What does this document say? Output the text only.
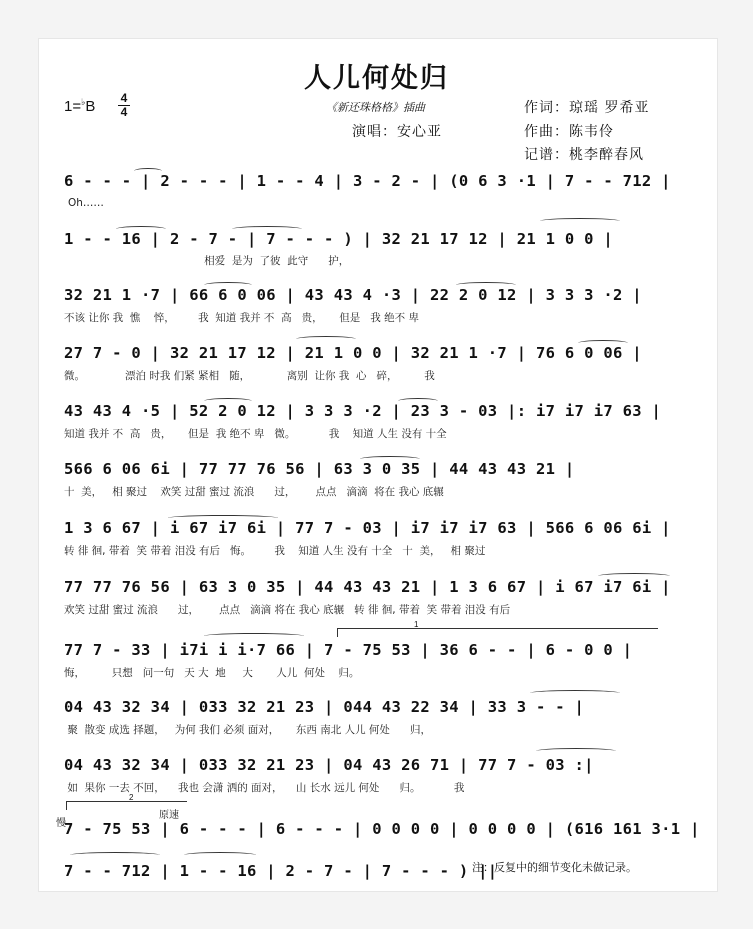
人儿何处归
1=♭B 4
4	《新还珠格格》插曲
演唱：安心亚
作词：琼瑶 罗希亚
作曲：陈韦伶
记谱：桃李醉春风
6 - - - | 2 - - - | 1 - - 4 | 3 - 2 - | (0 6 3 ·1 | 7 - - 712 |
Oh……
1 - - 16 | 2 - 7 - | 7 - - - ) | 32 21 17 12 | 21 1 0 0 |
相爱  是为  了彼  此守      护，
32 21 1 ·7 | 66 6 0 06 | 43 43 4 ·3 | 22 2 0 12 | 3 3 3 ·2 |
不该 让你 我  憔    悴，       我  知道 我并 不  高   贵，     但是   我 绝不 卑
27 7 - 0 | 32 21 17 12 | 21 1 0 0 | 32 21 1 ·7 | 76 6 0 06 |
微。            漂泊 时我 们紧 紧相   随，           离别  让你 我  心   碎，        我
43 43 4 ·5 | 52 2 0 12 | 3 3 3 ·2 | 23 3 - 03 |: i7 i7 i7 63 |
知道 我并 不  高   贵，     但是  我 绝不 卑   微。          我    知道 人生 没有 十全
566 6 06 6i | 77 77 76 56 | 63 3 0 35 | 44 43 43 21 |
十  美，   相 聚过    欢笑 过甜 蜜过 流浪      过，      点点   滴滴  将在 我心 底辗
1 3 6 67 | i 67 i7 6i | 77 7 - 03 | i7 i7 i7 63 | 566 6 06 6i |
转 徘 徊, 带着  笑 带着 泪没 有后   悔。       我    知道 人生 没有 十全   十  美，   相 聚过
77 77 76 56 | 63 3 0 35 | 44 43 43 21 | 1 3 6 67 | i 67 i7 6i |
欢笑 过甜 蜜过 流浪      过，      点点   滴滴 将在 我心 底辗   转 徘 徊, 带着  笑 带着 泪没 有后
1
77 7 - 33 | i7i i i·7 66 | 7 - 75 53 | 36 6 - - | 6 - 0 0 |
悔，        只想   问一句   天 大  地     大       人儿  何处    归。
04 43 32 34 | 033 32 21 23 | 044 43 22 34 | 33 3 - - |
聚  散变 成选 择题，   为何 我们 必须 面对，     东西 南北 人儿 何处      归，
04 43 32 34 | 033 32 21 23 | 04 43 26 71 | 77 7 - 03 :|
如  果你 一去 不回，    我也 会潇 洒的 面对，    山 长水 远儿 何处      归。          我
2
慢
原速
7 - 75 53 | 6 - - - | 6 - - - | 0 0 0 0 | 0 0 0 0 | (616 161 3·1 |
7 - - 712 | 1 - - 16 | 2 - 7 - | 7 - - - ) ||
注：反复中的细节变化未做记录。
